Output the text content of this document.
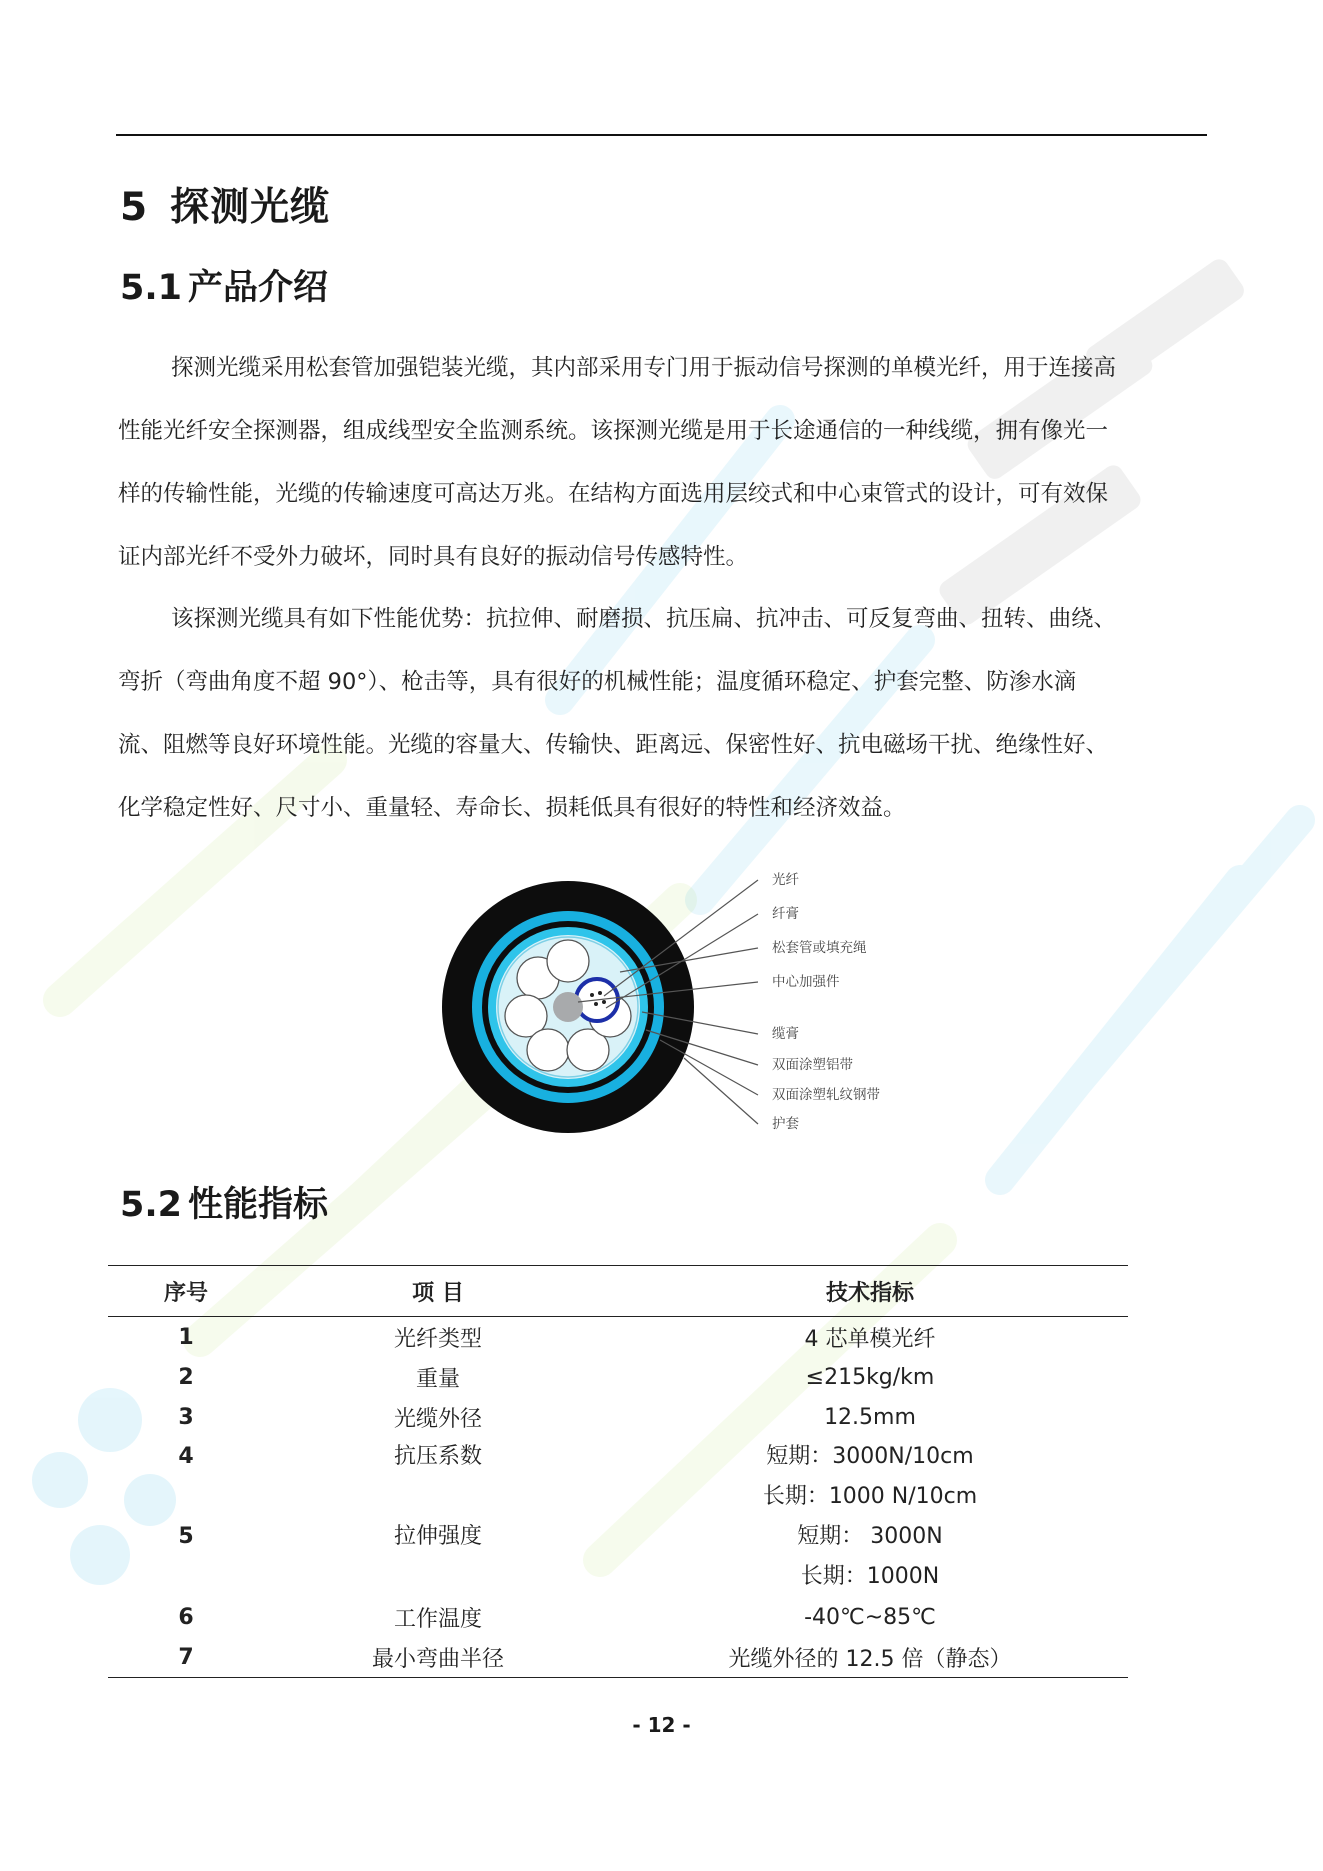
5 探测光缆
5.1 产品介绍
探测光缆采用松套管加强铠装光缆，其内部采用专门用于振动信号探测的单模光纤，用于连接高
性能光纤安全探测器，组成线型安全监测系统。该探测光缆是用于长途通信的一种线缆，拥有像光一
样的传输性能，光缆的传输速度可高达万兆。在结构方面选用层绞式和中心束管式的设计，可有效保
证内部光纤不受外力破坏，同时具有良好的振动信号传感特性。
该探测光缆具有如下性能优势：抗拉伸、耐磨损、抗压扁、抗冲击、可反复弯曲、扭转、曲绕、
弯折（弯曲角度不超 90°）、枪击等，具有很好的机械性能；温度循环稳定、护套完整、防渗水滴
流、阻燃等良好环境性能。光缆的容量大、传输快、距离远、保密性好、抗电磁场干扰、绝缘性好、
化学稳定性好、尺寸小、重量轻、寿命长、损耗低具有很好的特性和经济效益。
光纤
纤膏
松套管或填充绳
中心加强件
缆膏
双面涂塑铝带
双面涂塑轧纹钢带
护套
5.2 性能指标
序号	项 目	技术指标
1	光纤类型	4 芯单模光纤
2	重量	≤215kg/km
3	光缆外径	12.5mm
4	抗压系数	短期：3000N/10cm
长期：1000 N/10cm

5	拉伸强度	短期： 3000N
长期：1000N

6	工作温度	-40℃~85℃
7	最小弯曲半径	光缆外径的 12.5 倍（静态）
- 12 -
